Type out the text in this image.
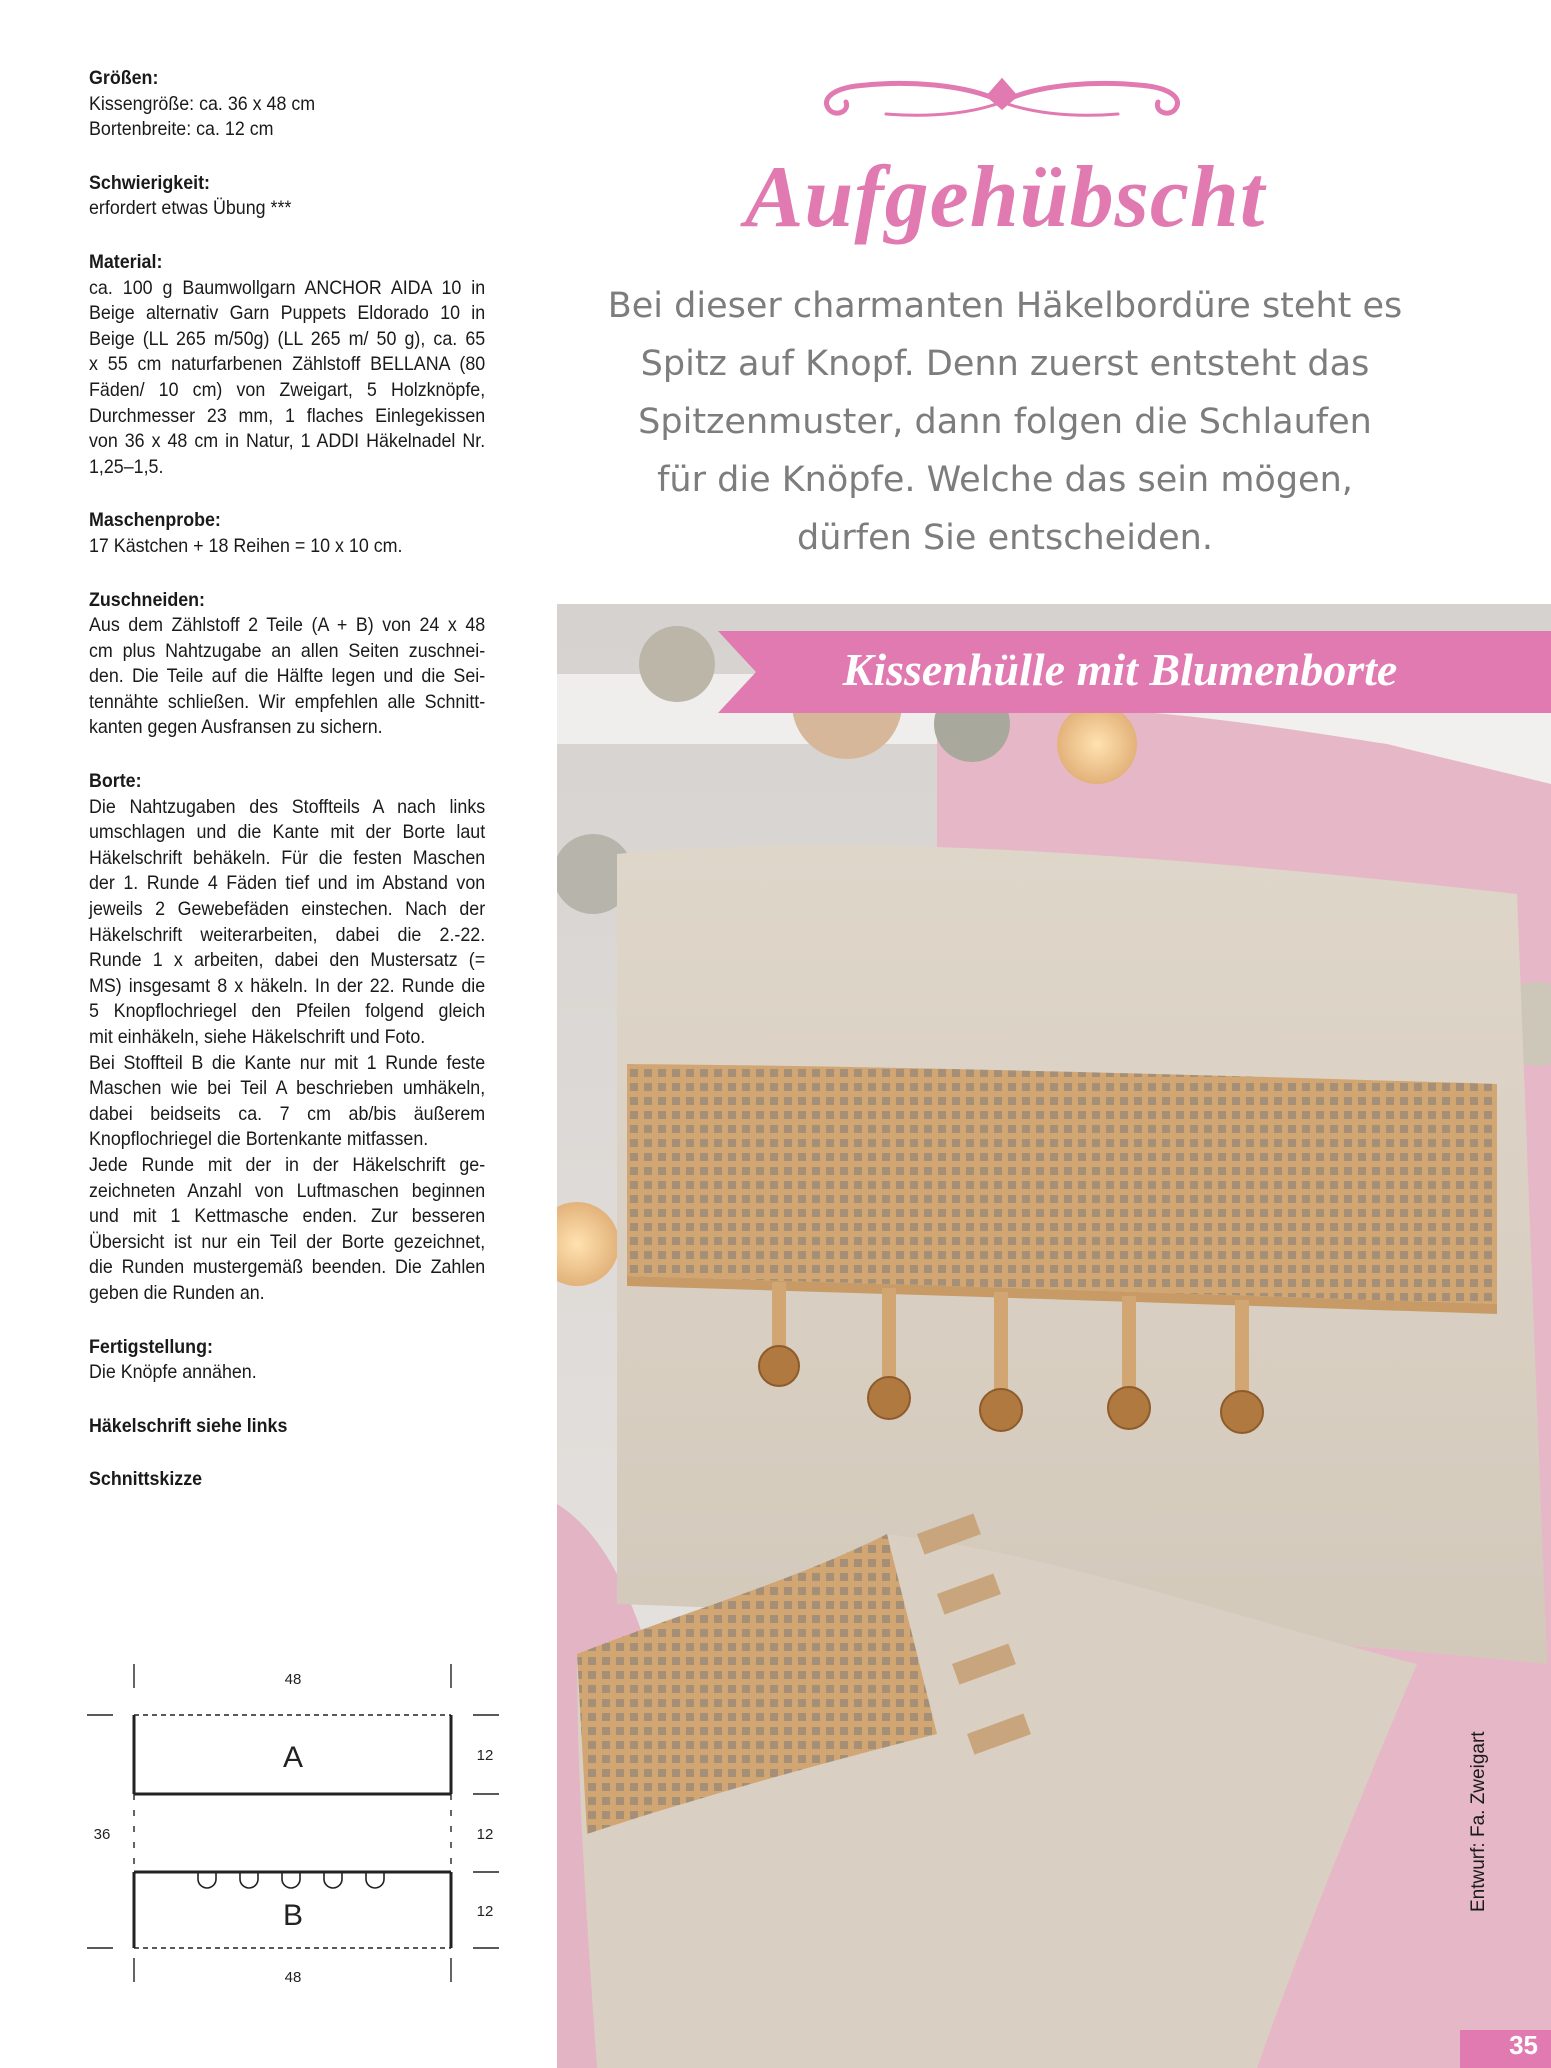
Größen:
Kissengröße: ca. 36 x 48 cm
Bortenbreite: ca. 12 cm
Schwierigkeit:
erfordert etwas Übung ***
Material:
ca. 100 g Baumwollgarn ANCHOR AIDA 10 in
Beige alternativ Garn Puppets Eldorado 10 in
Beige (LL 265 m/50g) (LL 265 m/ 50 g), ca. 65
x 55 cm naturfarbenen Zählstoff BELLANA (80
Fäden/ 10 cm) von Zweigart, 5 Holzknöpfe,
Durchmesser 23 mm, 1 flaches Einlegekissen
von 36 x 48 cm in Natur, 1 ADDI Häkelnadel Nr.
1,25–1,5.
Maschenprobe:
17 Kästchen + 18 Reihen = 10 x 10 cm.
Zuschneiden:
Aus dem Zählstoff 2 Teile (A + B) von 24 x 48
cm plus Nahtzugabe an allen Seiten zuschnei-
den. Die Teile auf die Hälfte legen und die Sei-
tennähte schließen. Wir empfehlen alle Schnitt-
kanten gegen Ausfransen zu sichern.
Borte:
Die Nahtzugaben des Stoffteils A nach links
umschlagen und die Kante mit der Borte laut
Häkelschrift behäkeln. Für die festen Maschen
der 1. Runde 4 Fäden tief und im Abstand von
jeweils 2 Gewebefäden einstechen. Nach der
Häkelschrift weiterarbeiten, dabei die 2.-22.
Runde 1 x arbeiten, dabei den Mustersatz (=
MS) insgesamt 8 x häkeln. In der 22. Runde die
5 Knopflochriegel den Pfeilen folgend gleich
mit einhäkeln, siehe Häkelschrift und Foto.
Bei Stoffteil B die Kante nur mit 1 Runde feste
Maschen wie bei Teil A beschrieben umhäkeln,
dabei beidseits ca. 7 cm ab/bis äußerem
Knopflochriegel die Bortenkante mitfassen.
Jede Runde mit der in der Häkelschrift ge-
zeichneten Anzahl von Luftmaschen beginnen
und mit 1 Kettmasche enden. Zur besseren
Übersicht ist nur ein Teil der Borte gezeichnet,
die Runden mustergemäß beenden. Die Zahlen
geben die Runden an.
Fertigstellung:
Die Knöpfe annähen.
Häkelschrift siehe links
Schnittskizze
48
48
36
A
B
12
12
12
Aufgehübscht
Bei dieser charmanten Häkelbordüre steht es
Spitz auf Knopf. Denn zuerst entsteht das
Spitzenmuster, dann folgen die Schlaufen
für die Knöpfe. Welche das sein mögen,
dürfen Sie entscheiden.
Kissenhülle mit Blumenborte
Entwurf: Fa. Zweigart
35
